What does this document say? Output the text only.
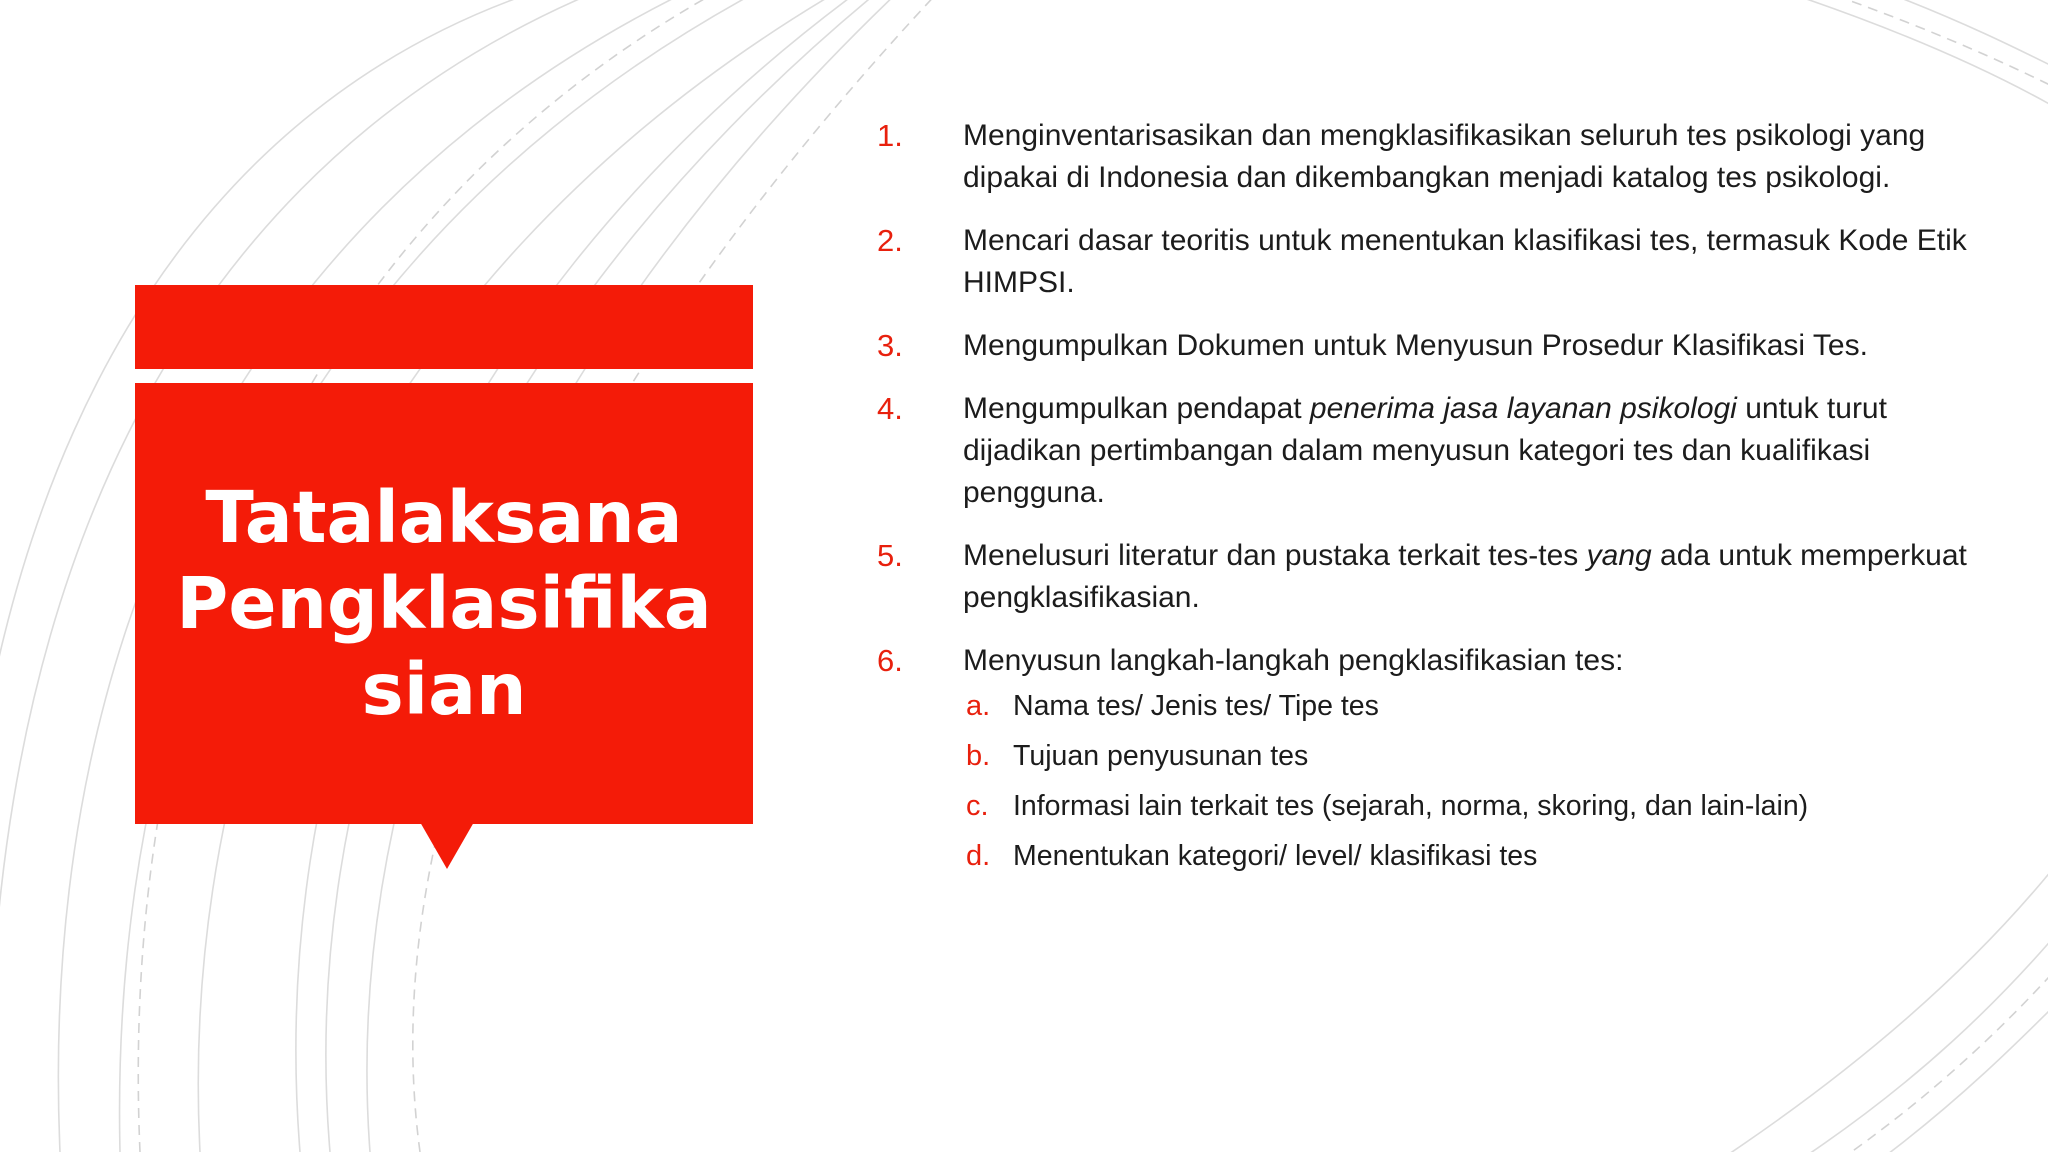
Tatalaksana Pengklasifikasian
1. Menginventarisasikan dan mengklasifikasikan seluruh tes psikologi yang dipakai di Indonesia dan dikembangkan menjadi katalog tes psikologi.
2. Mencari dasar teoritis untuk menentukan klasifikasi tes, termasuk Kode Etik HIMPSI.
3. Mengumpulkan Dokumen untuk Menyusun Prosedur Klasifikasi Tes.
4. Mengumpulkan pendapat penerima jasa layanan psikologi untuk turut dijadikan pertimbangan dalam menyusun kategori tes dan kualifikasi pengguna.
5. Menelusuri literatur dan pustaka terkait tes-tes yang ada untuk memperkuat pengklasifikasian.
6. Menyusun langkah-langkah pengklasifikasian tes:
a. Nama tes/ Jenis tes/ Tipe tes
b. Tujuan penyusunan tes
c. Informasi lain terkait tes (sejarah, norma, skoring, dan lain-lain)
d. Menentukan kategori/ level/ klasifikasi tes
